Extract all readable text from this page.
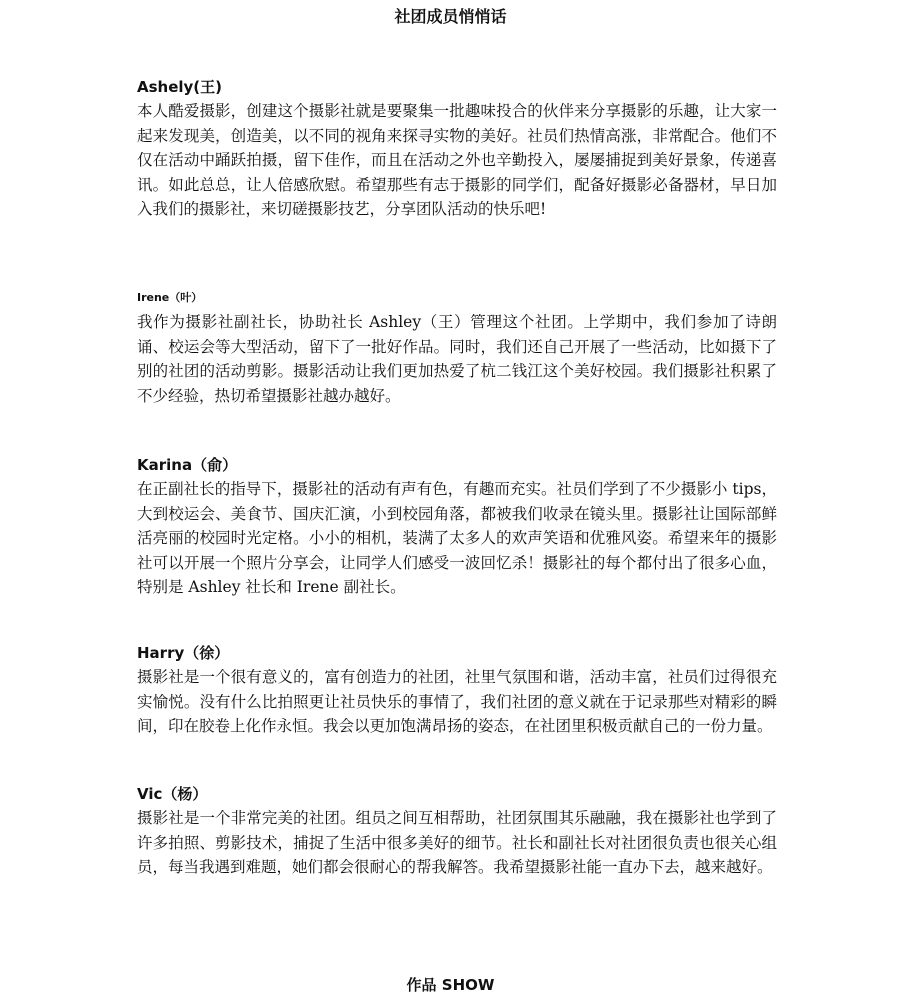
社团成员悄悄话
Ashely(王)

本人酷爱摄影，创建这个摄影社就是要聚集一批趣味投合的伙伴来分享摄影的乐趣，让大家一起来发现美，创造美，以不同的视角来探寻实物的美好。社员们热情高涨，非常配合。他们不仅在活动中踊跃拍摄，留下佳作，而且在活动之外也辛勤投入，屡屡捕捉到美好景象，传递喜讯。如此总总，让人倍感欣慰。希望那些有志于摄影的同学们，配备好摄影必备器材，早日加入我们的摄影社，来切磋摄影技艺，分享团队活动的快乐吧!

Irene（叶）

我作为摄影社副社长，协助社长 Ashley（王）管理这个社团。上学期中，我们参加了诗朗诵、校运会等大型活动，留下了一批好作品。同时，我们还自己开展了一些活动，比如摄下了别的社团的活动剪影。摄影活动让我们更加热爱了杭二钱江这个美好校园。我们摄影社积累了不少经验，热切希望摄影社越办越好。

Karina（俞）

在正副社长的指导下，摄影社的活动有声有色，有趣而充实。社员们学到了不少摄影小 tips，大到校运会、美食节、国庆汇演，小到校园角落，都被我们收录在镜头里。摄影社让国际部鲜活亮丽的校园时光定格。小小的相机，装满了太多人的欢声笑语和优雅风姿。希望来年的摄影社可以开展一个照片分享会，让同学人们感受一波回忆杀！摄影社的每个都付出了很多心血，特别是 Ashley 社长和 Irene 副社长。

Harry（徐）

摄影社是一个很有意义的，富有创造力的社团，社里气氛围和谐，活动丰富，社员们过得很充实愉悦。没有什么比拍照更让社员快乐的事情了，我们社团的意义就在于记录那些对精彩的瞬间，印在胶卷上化作永恒。我会以更加饱满昂扬的姿态，在社团里积极贡献自己的一份力量。

Vic（杨）

摄影社是一个非常完美的社团。组员之间互相帮助，社团氛围其乐融融，我在摄影社也学到了许多拍照、剪影技术，捕捉了生活中很多美好的细节。社长和副社长对社团很负责也很关心组员，每当我遇到难题，她们都会很耐心的帮我解答。我希望摄影社能一直办下去，越来越好。

作品 SHOW
